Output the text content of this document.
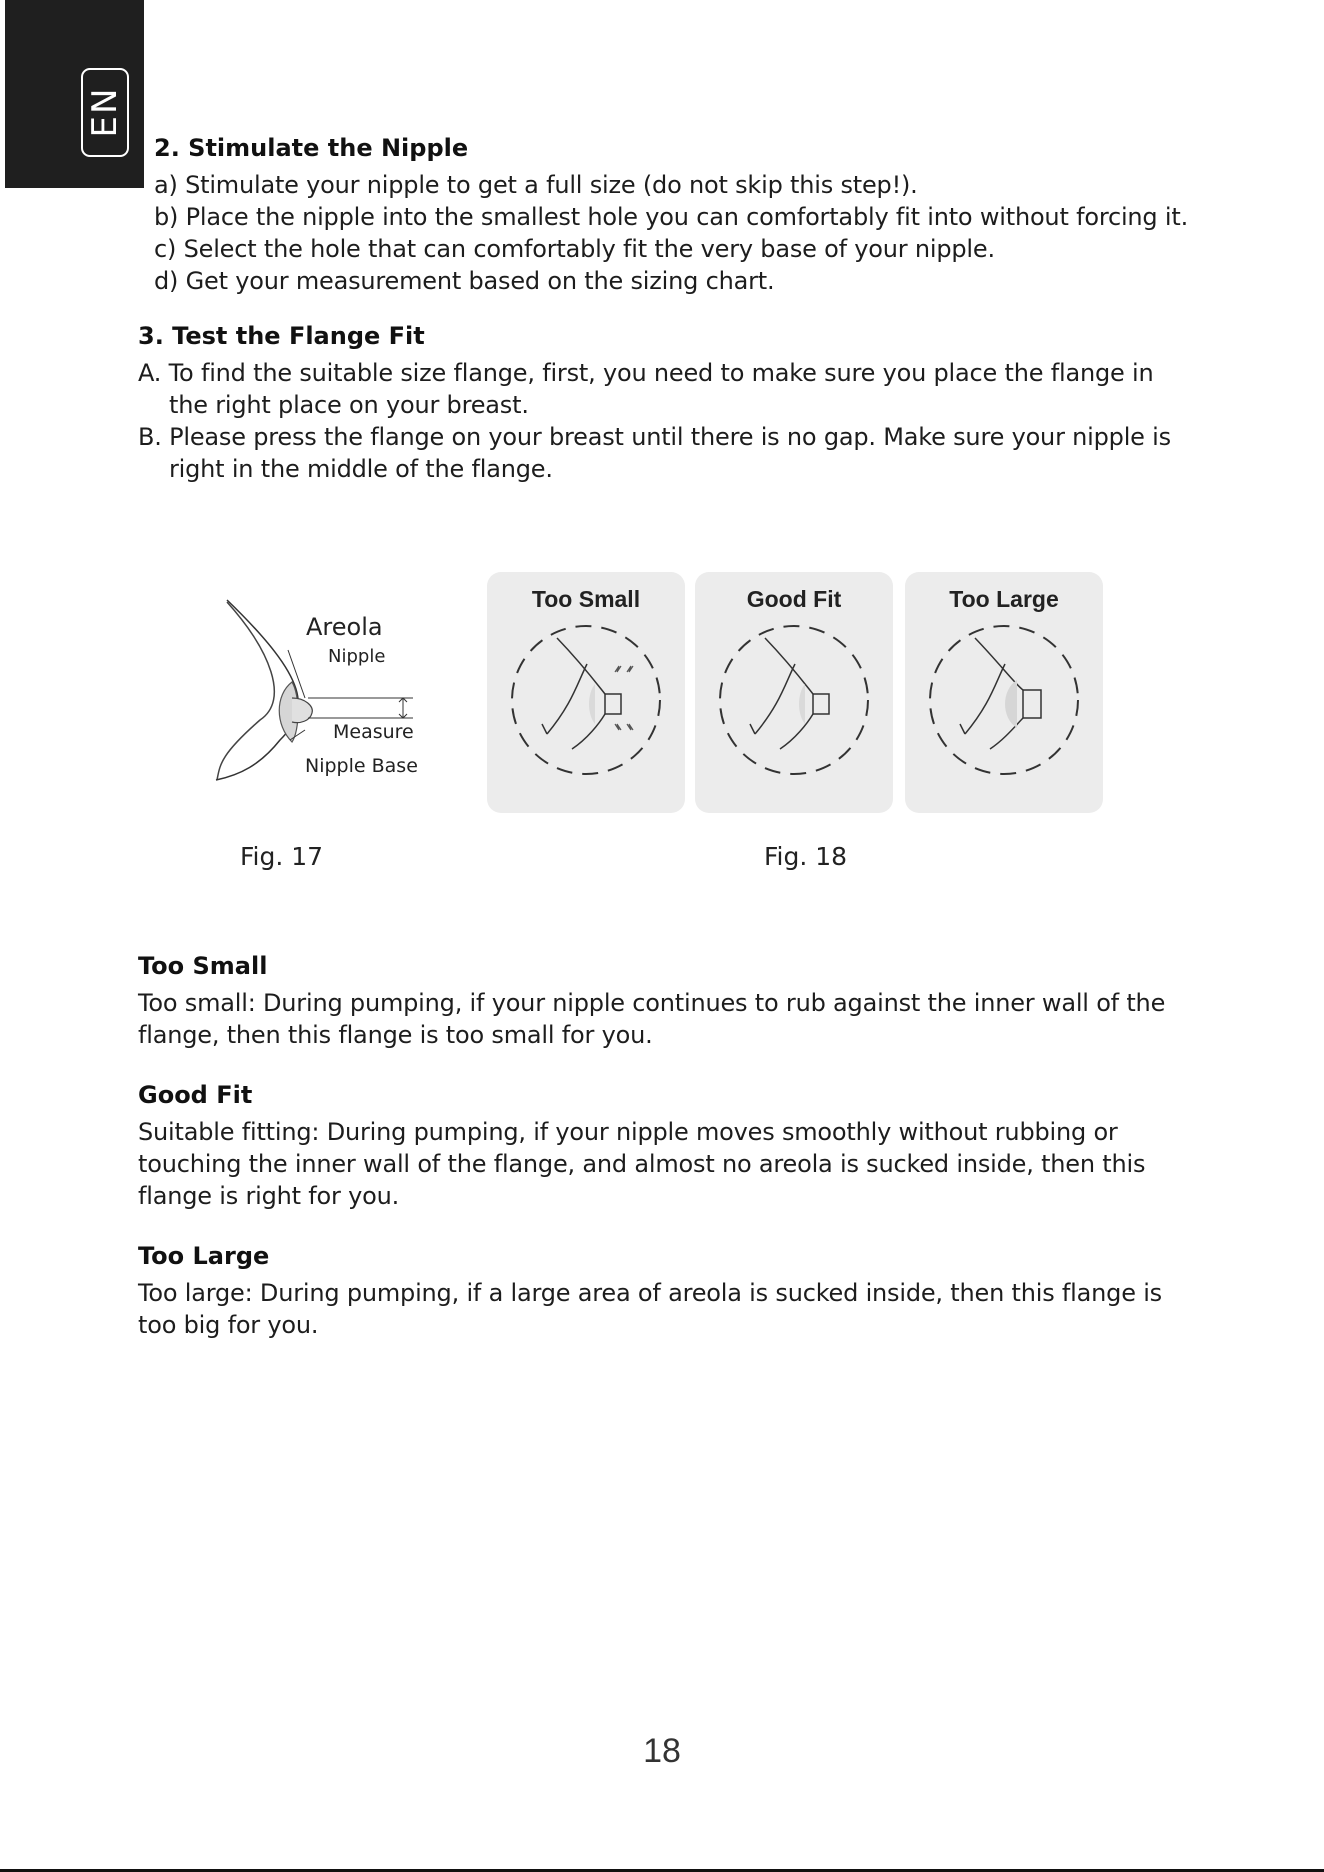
EN
2. Stimulate the Nipple

a) Stimulate your nipple to get a full size (do not skip this step!).

b) Place the nipple into the smallest hole you can comfortably fit into without forcing it.

c) Select the hole that can comfortably fit the very base of your nipple.

d) Get your measurement based on the sizing chart.

3. Test the Flange Fit

A. To find the suitable size flange, first, you need to make sure you place the flange in the right place on your breast.

B. Please press the flange on your breast until there is no gap. Make sure your nipple is right in the middle of the flange.

Areola
Nipple
Measure
Nipple Base
Fig. 17
Too Small	Good Fit	Too Large
Fig. 18
Too Small

Too small: During pumping, if your nipple continues to rub against the inner wall of the flange, then this flange is too small for you.

Good Fit

Suitable fitting: During pumping, if your nipple moves smoothly without rubbing or touching the inner wall of the flange, and almost no areola is sucked inside, then this flange is right for you.

Too Large

Too large: During pumping, if a large area of areola is sucked inside, then this flange is too big for you.

18
